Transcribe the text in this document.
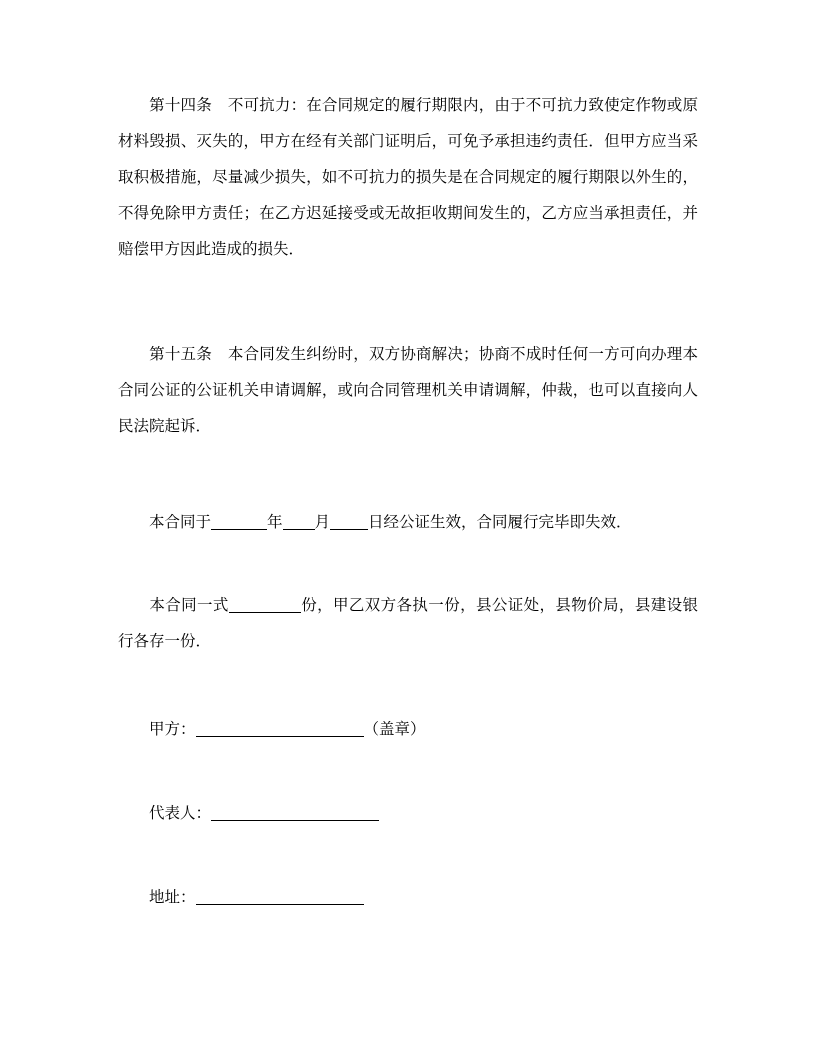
第十四条 不可抗力：在合同规定的履行期限内，由于不可抗力致使定作物或原材料毁损、灭失的，甲方在经有关部门证明后，可免予承担违约责任．但甲方应当采取积极措施，尽量减少损失，如不可抗力的损失是在合同规定的履行期限以外生的，不得免除甲方责任；在乙方迟延接受或无故拒收期间发生的，乙方应当承担责任，并赔偿甲方因此造成的损失．

第十五条 本合同发生纠纷时，双方协商解决；协商不成时任何一方可向办理本合同公证的公证机关申请调解，或向合同管理机关申请调解，仲裁，也可以直接向人民法院起诉．

本合同于	年 月 日经公证生效，合同履行完毕即失效．

本合同一式	份，甲乙双方各执一份，县公证处，县物价局，县建设银行各存一份．

甲方：	（盖章）
代表人：
地址：
